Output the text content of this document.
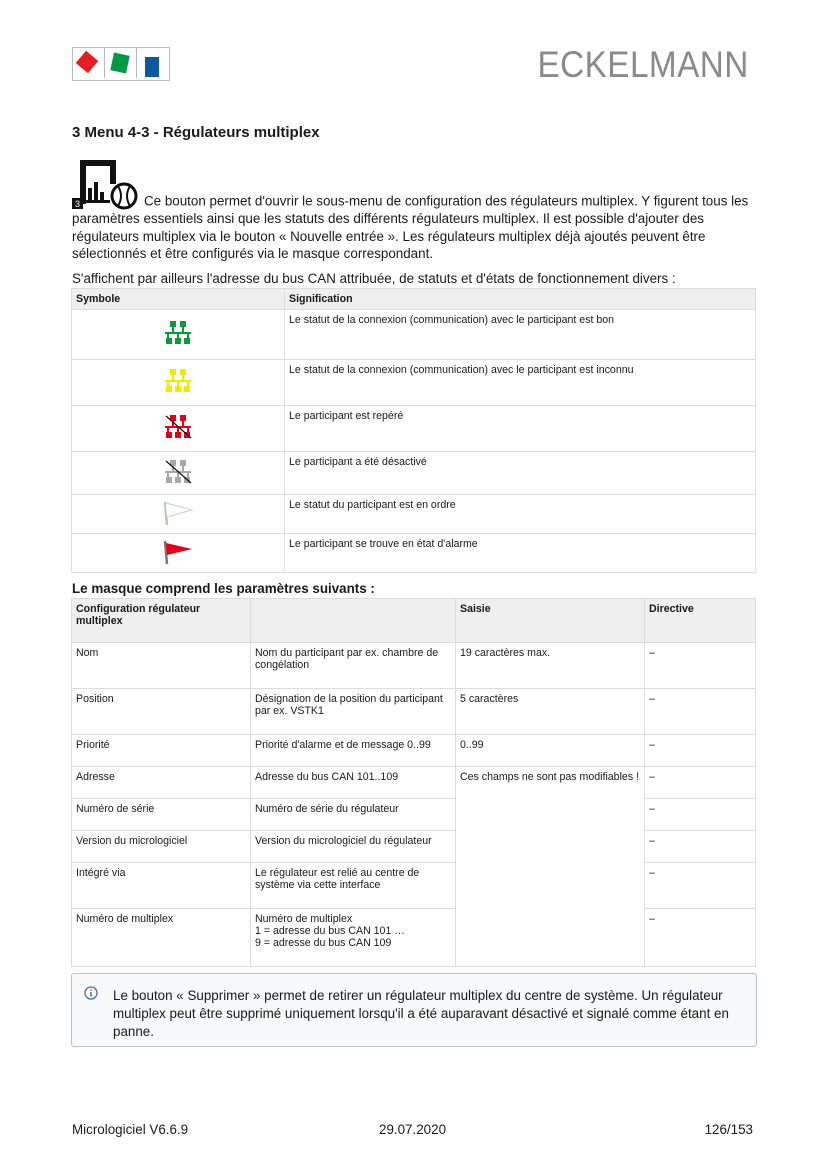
ECKELMANN
3 Menu 4-3 - Régulateurs multiplex
3	Ce bouton permet d'ouvrir le sous-menu de configuration des régulateurs multiplex. Y figurent tous les paramètres essentiels ainsi que les statuts des différents régulateurs multiplex. Il est possible d'ajouter des régulateurs multiplex via le bouton « Nouvelle entrée ». Les régulateurs multiplex déjà ajoutés peuvent être sélectionnés et être configurés via le masque correspondant.
S'affichent par ailleurs l'adresse du bus CAN attribuée, de statuts et d'états de fonctionnement divers :
Symbole	Signification
	Le statut de la connexion (communication) avec le participant est bon
	Le statut de la connexion (communication) avec le participant est inconnu
	Le participant est repéré
	Le participant a été désactivé
	Le statut du participant est en ordre
	Le participant se trouve en état d'alarme
Le masque comprend les paramètres suivants :
Configuration régulateur multiplex		Saisie	Directive
Nom	Nom du participant par ex. chambre de congélation	19 caractères max.	–
Position	Désignation de la position du participant par ex. VSTK1	5 caractères	–
Priorité	Priorité d'alarme et de message 0..99	0..99	–
Adresse	Adresse du bus CAN 101..109	Ces champs ne sont pas modifiables !	–
Numéro de série	Numéro de série du régulateur		–
Version du micrologiciel	Version du micrologiciel du régulateur		–
Intégré via	Le régulateur est relié au centre de système via cette interface		–
Numéro de multiplex	Numéro de multiplex
1 = adresse du bus CAN 101 …
9 = adresse du bus CAN 109		–
Le bouton « Supprimer » permet de retirer un régulateur multiplex du centre de système. Un régulateur multiplex peut être supprimé uniquement lorsqu'il a été auparavant désactivé et signalé comme étant en panne.
Micrologiciel V6.6.9	29.07.2020	126/153
